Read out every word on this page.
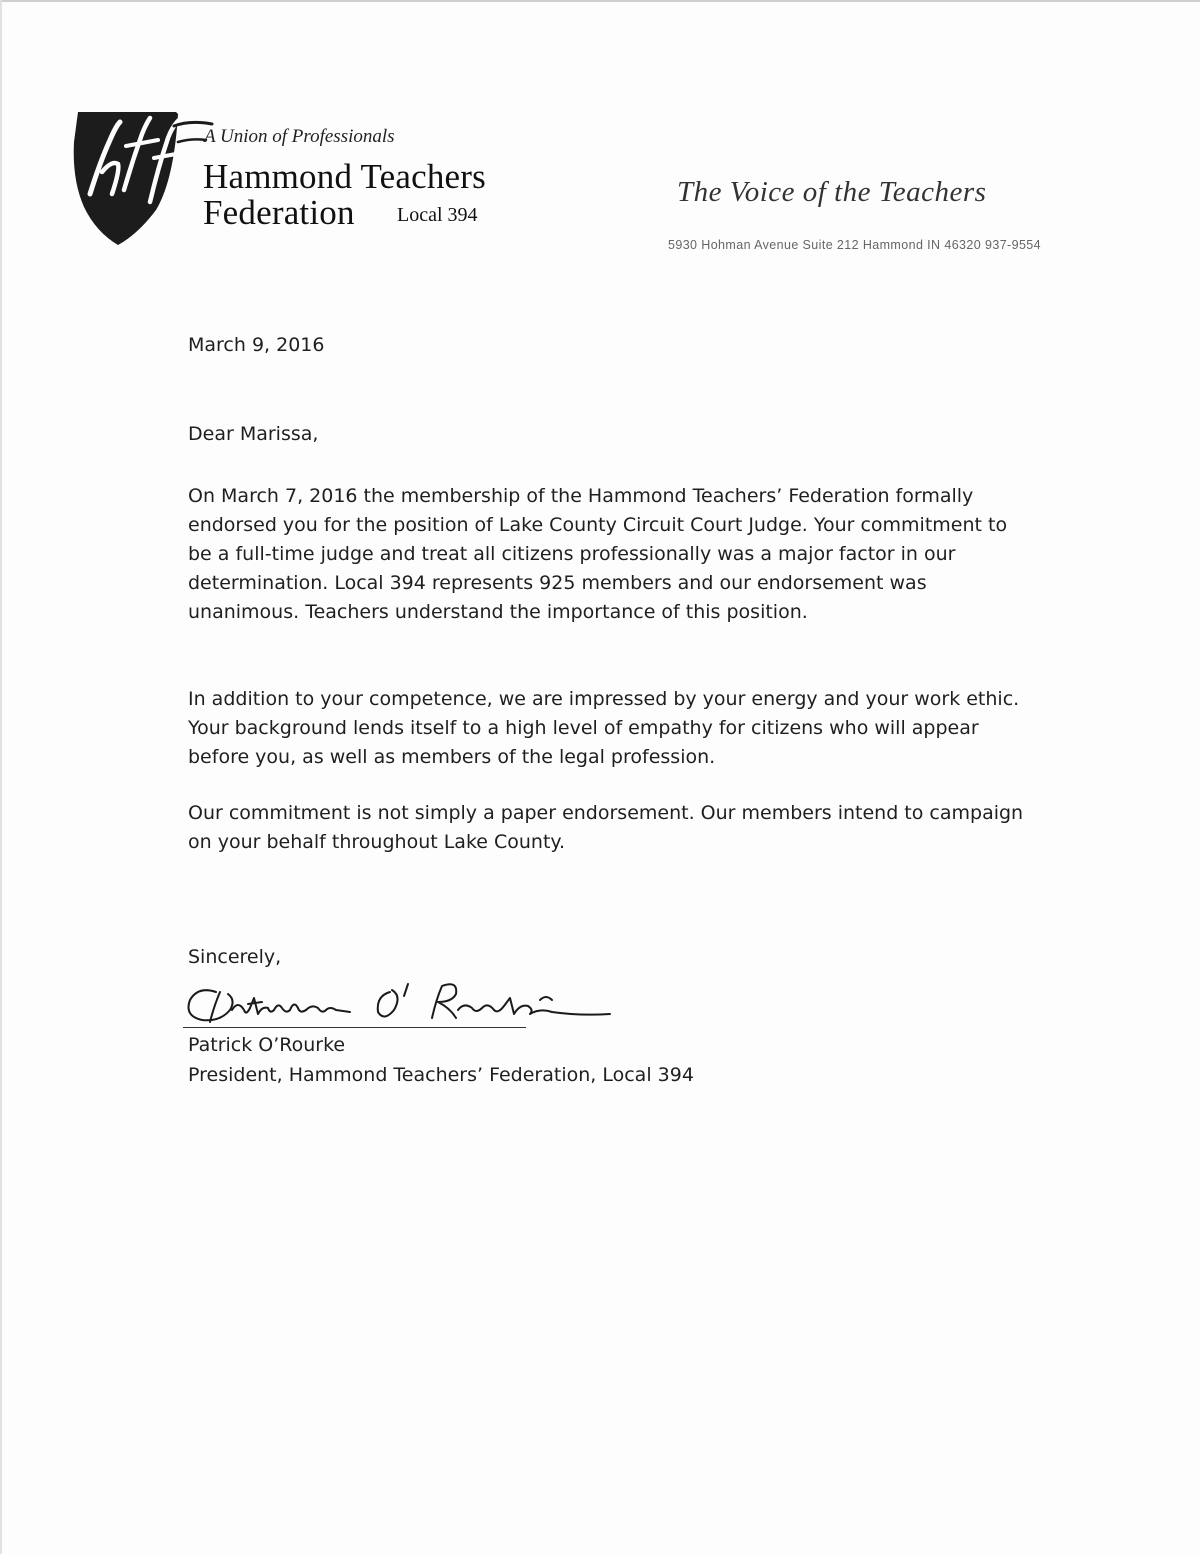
A Union of Professionals
Hammond Teachers
Federation Local 394
The Voice of the Teachers
5930 Hohman Avenue Suite 212 Hammond IN 46320 937-9554
March 9, 2016
Dear Marissa,
On March 7, 2016 the membership of the Hammond Teachers’ Federation formally endorsed you for the position of Lake County Circuit Court Judge. Your commitment to be a full-time judge and treat all citizens professionally was a major factor in our determination. Local 394 represents 925 members and our endorsement was unanimous. Teachers understand the importance of this position.
In addition to your competence, we are impressed by your energy and your work ethic. Your background lends itself to a high level of empathy for citizens who will appear before you, as well as members of the legal profession.
Our commitment is not simply a paper endorsement. Our members intend to campaign on your behalf throughout Lake County.
Sincerely,
Patrick O’Rourke
President, Hammond Teachers’ Federation, Local 394
